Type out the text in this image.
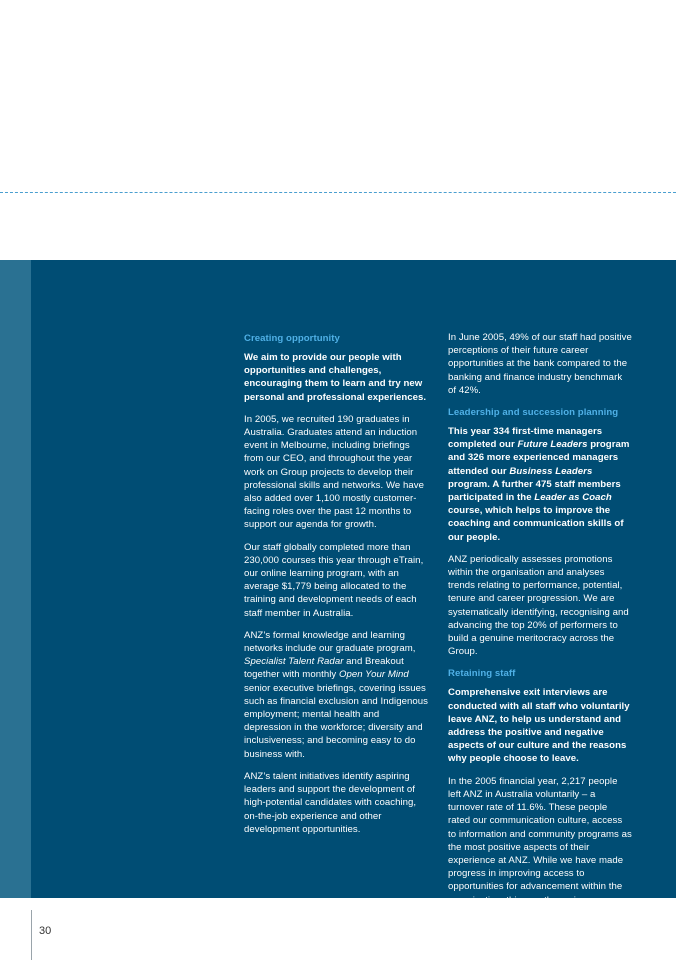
Creating opportunity

We aim to provide our people with opportunities and challenges, encouraging them to learn and try new personal and professional experiences.

In 2005, we recruited 190 graduates in Australia. Graduates attend an induction event in Melbourne, including briefings from our CEO, and throughout the year work on Group projects to develop their professional skills and networks. We have also added over 1,100 mostly customer-facing roles over the past 12 months to support our agenda for growth.

Our staff globally completed more than 230,000 courses this year through eTrain, our online learning program, with an average $1,779 being allocated to the training and development needs of each staff member in Australia.

ANZ’s formal knowledge and learning networks include our graduate program, Specialist Talent Radar and Breakout together with monthly Open Your Mind senior executive briefings, covering issues such as financial exclusion and Indigenous employment; mental health and depression in the workforce; diversity and inclusiveness; and becoming easy to do business with.

ANZ’s talent initiatives identify aspiring leaders and support the development of high-potential candidates with coaching, on-the-job experience and other development opportunities.

In June 2005, 49% of our staff had positive perceptions of their future career opportunities at the bank compared to the banking and finance industry benchmark of 42%.

Leadership and succession planning

This year 334 first-time managers completed our Future Leaders program and 326 more experienced managers attended our Business Leaders program. A further 475 staff members participated in the Leader as Coach course, which helps to improve the coaching and communication skills of our people.

ANZ periodically assesses promotions within the organisation and analyses trends relating to performance, potential, tenure and career progression. We are systematically identifying, recognising and advancing the top 20% of performers to build a genuine meritocracy across the Group.

Retaining staff

Comprehensive exit interviews are conducted with all staff who voluntarily leave ANZ, to help us understand and address the positive and negative aspects of our culture and the reasons why people choose to leave.

In the 2005 financial year, 2,217 people left ANZ in Australia voluntarily – a turnover rate of 11.6%. These people rated our communication culture, access to information and community programs as the most positive aspects of their experience at ANZ. While we have made progress in improving access to opportunities for advancement within the organisation, this was the main reason people chose to leave ANZ last year.

30
